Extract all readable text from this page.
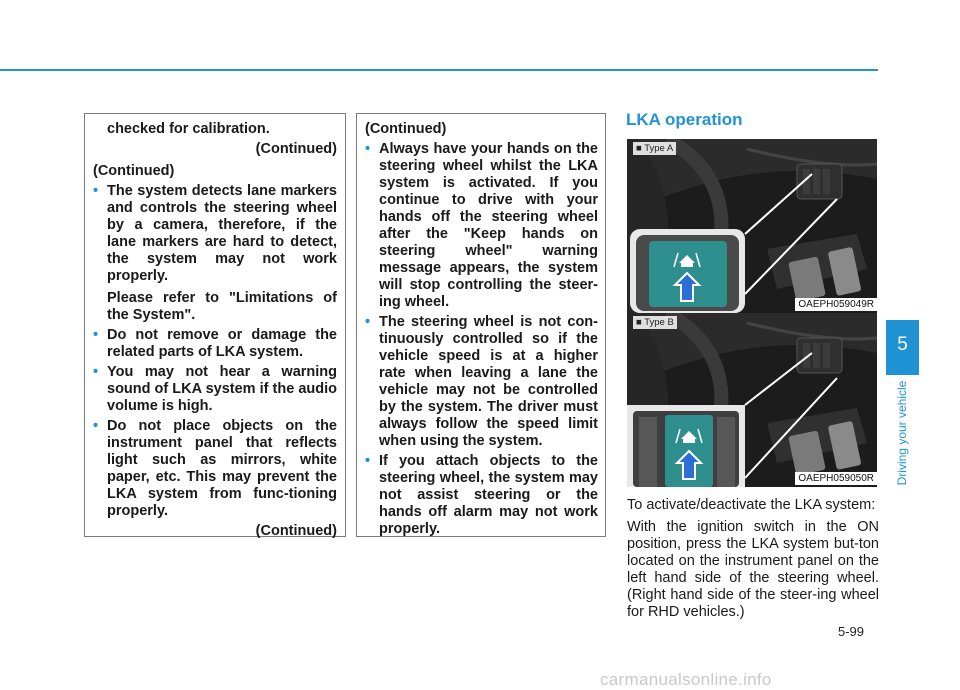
checked for calibration.

(Continued)

(Continued)

• The system detects lane markers and controls the steering wheel by a camera, therefore, if the lane markers are hard to detect, the system may not work properly.

Please refer to "Limitations of the System".

• Do not remove or damage the related parts of LKA system.

• You may not hear a warning sound of LKA system if the audio volume is high.

• Do not place objects on the instrument panel that reflects light such as mirrors, white paper, etc. This may prevent the LKA system from func-tioning properly.

(Continued)

(Continued)

• Always have your hands on the steering wheel whilst the LKA system is activated. If you continue to drive with your hands off the steering wheel after the "Keep hands on steering wheel" warning message appears, the system will stop controlling the steer-ing wheel.

• The steering wheel is not con-tinuously controlled so if the vehicle speed is at a higher rate when leaving a lane the vehicle may not be controlled by the system. The driver must always follow the speed limit when using the system.

• If you attach objects to the steering wheel, the system may not assist steering or the hands off alarm may not work properly.

LKA operation
■ Type A
OAEPH059049R
■ Type B
OAEPH059050R

To activate/deactivate the LKA system:

With the ignition switch in the ON position, press the LKA system but-ton located on the instrument panel on the left hand side of the steering wheel. (Right hand side of the steer-ing wheel for RHD vehicles.)

5
Driving your vehicle
5-99
carmanualsonline.info
